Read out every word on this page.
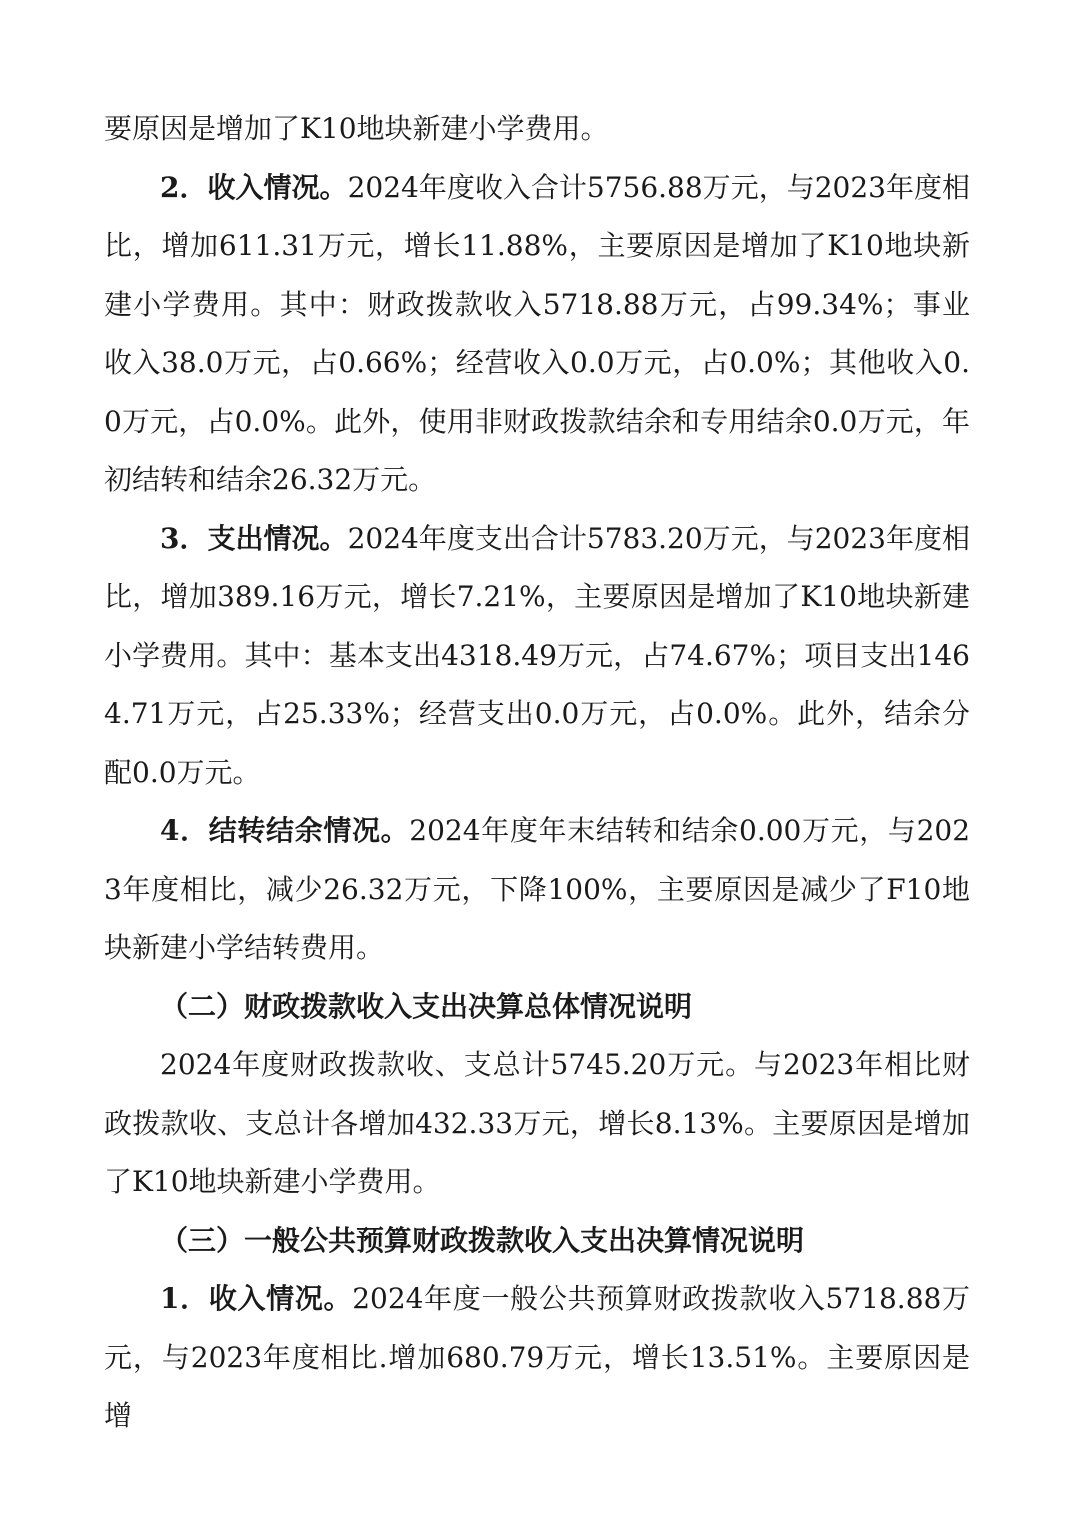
要原因是增加了K10地块新建小学费用。

2．收入情况。2024年度收入合计5756.88万元，与2023年度相比，增加611.31万元，增长11.88%，主要原因是增加了K10地块新建小学费用。其中：财政拨款收入5718.88万元，占99.34%；事业收入38.0万元，占0.66%；经营收入0.0万元，占0.0%；其他收入0.0万元，占0.0%。此外，使用非财政拨款结余和专用结余0.0万元，年初结转和结余26.32万元。

3．支出情况。2024年度支出合计5783.20万元，与2023年度相比，增加389.16万元，增长7.21%，主要原因是增加了K10地块新建小学费用。其中：基本支出4318.49万元，占74.67%；项目支出1464.71万元，占25.33%；经营支出0.0万元，占0.0%。此外，结余分配0.0万元。

4．结转结余情况。2024年度年末结转和结余0.00万元，与2023年度相比，减少26.32万元，下降100%，主要原因是减少了F10地块新建小学结转费用。

（二）财政拨款收入支出决算总体情况说明

2024年度财政拨款收、支总计5745.20万元。与2023年相比财政拨款收、支总计各增加432.33万元，增长8.13%。主要原因是增加了K10地块新建小学费用。

（三）一般公共预算财政拨款收入支出决算情况说明

1．收入情况。2024年度一般公共预算财政拨款收入5718.88万元，与2023年度相比.增加680.79万元，增长13.51%。主要原因是增
